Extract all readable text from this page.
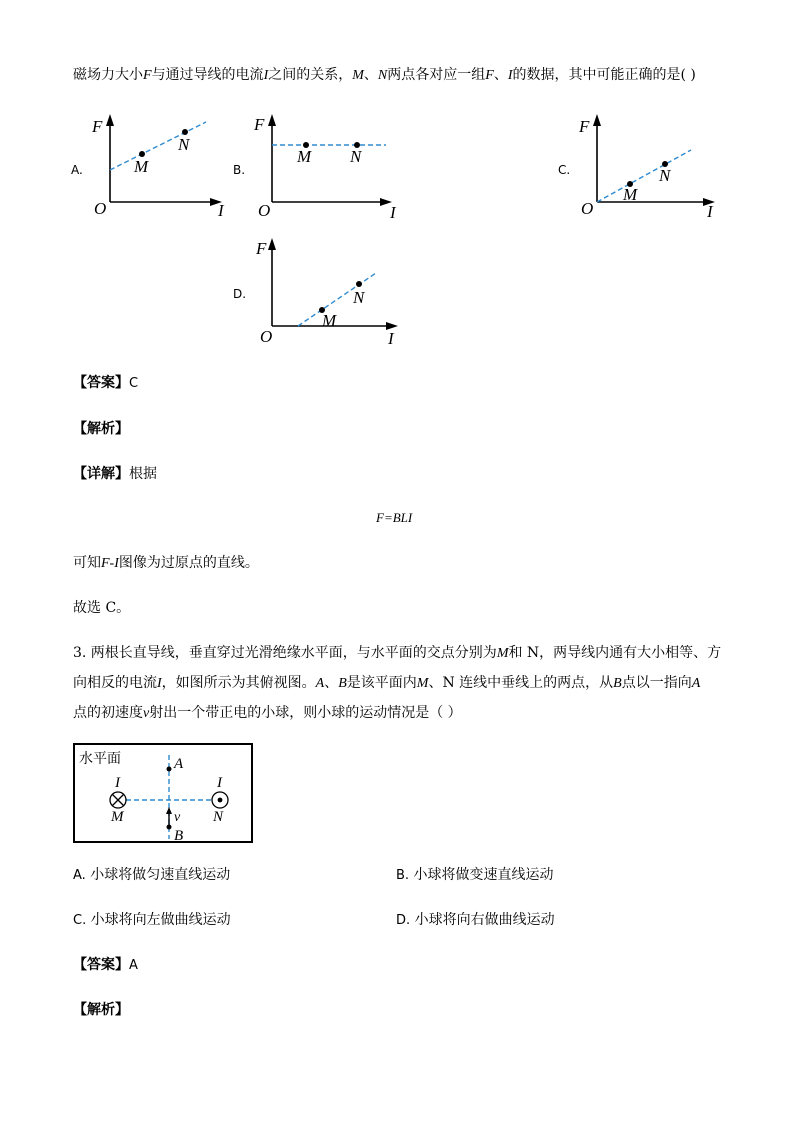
磁场力大小F与通过导线的电流I之间的关系，M、N两点各对应一组F、I的数据，其中可能正确的是( )
A.
F
I
O
M
N
B.
F
I
O
M N
C.
F
I
O
M
N
D.
F
I
O
M
N
【答案】C
【解析】
【详解】根据
F=BLI
可知F-I图像为过原点的直线。
故选 C。
3. 两根长直导线，垂直穿过光滑绝缘水平面，与水平面的交点分别为M和 N，两导线内通有大小相等、方
向相反的电流I，如图所示为其俯视图。A、B是该平面内M、N 连线中垂线上的两点，从B点以一指向A
点的初速度v射出一个带正电的小球，则小球的运动情况是（ ）
水平面	A
B
v
I	I
M	N
A. 小球将做匀速直线运动	B. 小球将做变速直线运动
C. 小球将向左做曲线运动	D. 小球将向右做曲线运动
【答案】A
【解析】
